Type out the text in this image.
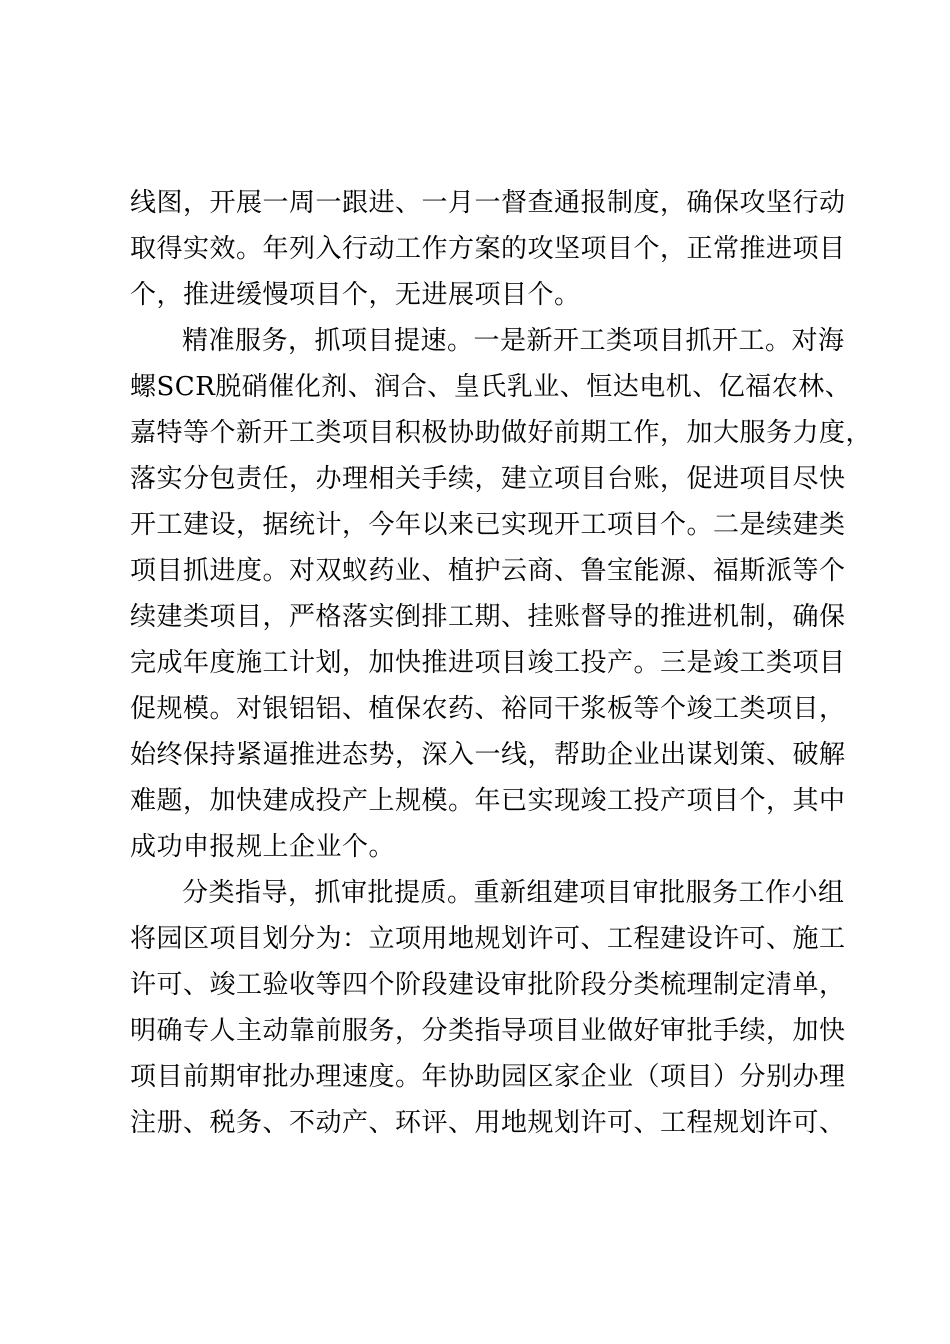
线图，开展一周一跟进、一月一督查通报制度，确保攻坚行动
取得实效。年列入行动工作方案的攻坚项目个，正常推进项目
个，推进缓慢项目个，无进展项目个。
精准服务，抓项目提速。一是新开工类项目抓开工。对海
螺SCR脱硝催化剂、润合、皇氏乳业、恒达电机、亿福农林、
嘉特等个新开工类项目积极协助做好前期工作，加大服务力度，
落实分包责任，办理相关手续，建立项目台账，促进项目尽快
开工建设，据统计，今年以来已实现开工项目个。二是续建类
项目抓进度。对双蚁药业、植护云商、鲁宝能源、福斯派等个
续建类项目，严格落实倒排工期、挂账督导的推进机制，确保
完成年度施工计划，加快推进项目竣工投产。三是竣工类项目
促规模。对银铝铝、植保农药、裕同干浆板等个竣工类项目，
始终保持紧逼推进态势，深入一线，帮助企业出谋划策、破解
难题，加快建成投产上规模。年已实现竣工投产项目个，其中
成功申报规上企业个。
分类指导，抓审批提质。重新组建项目审批服务工作小组
将园区项目划分为：立项用地规划许可、工程建设许可、施工
许可、竣工验收等四个阶段建设审批阶段分类梳理制定清单，
明确专人主动靠前服务，分类指导项目业做好审批手续，加快
项目前期审批办理速度。年协助园区家企业（项目）分别办理
注册、税务、不动产、环评、用地规划许可、工程规划许可、
